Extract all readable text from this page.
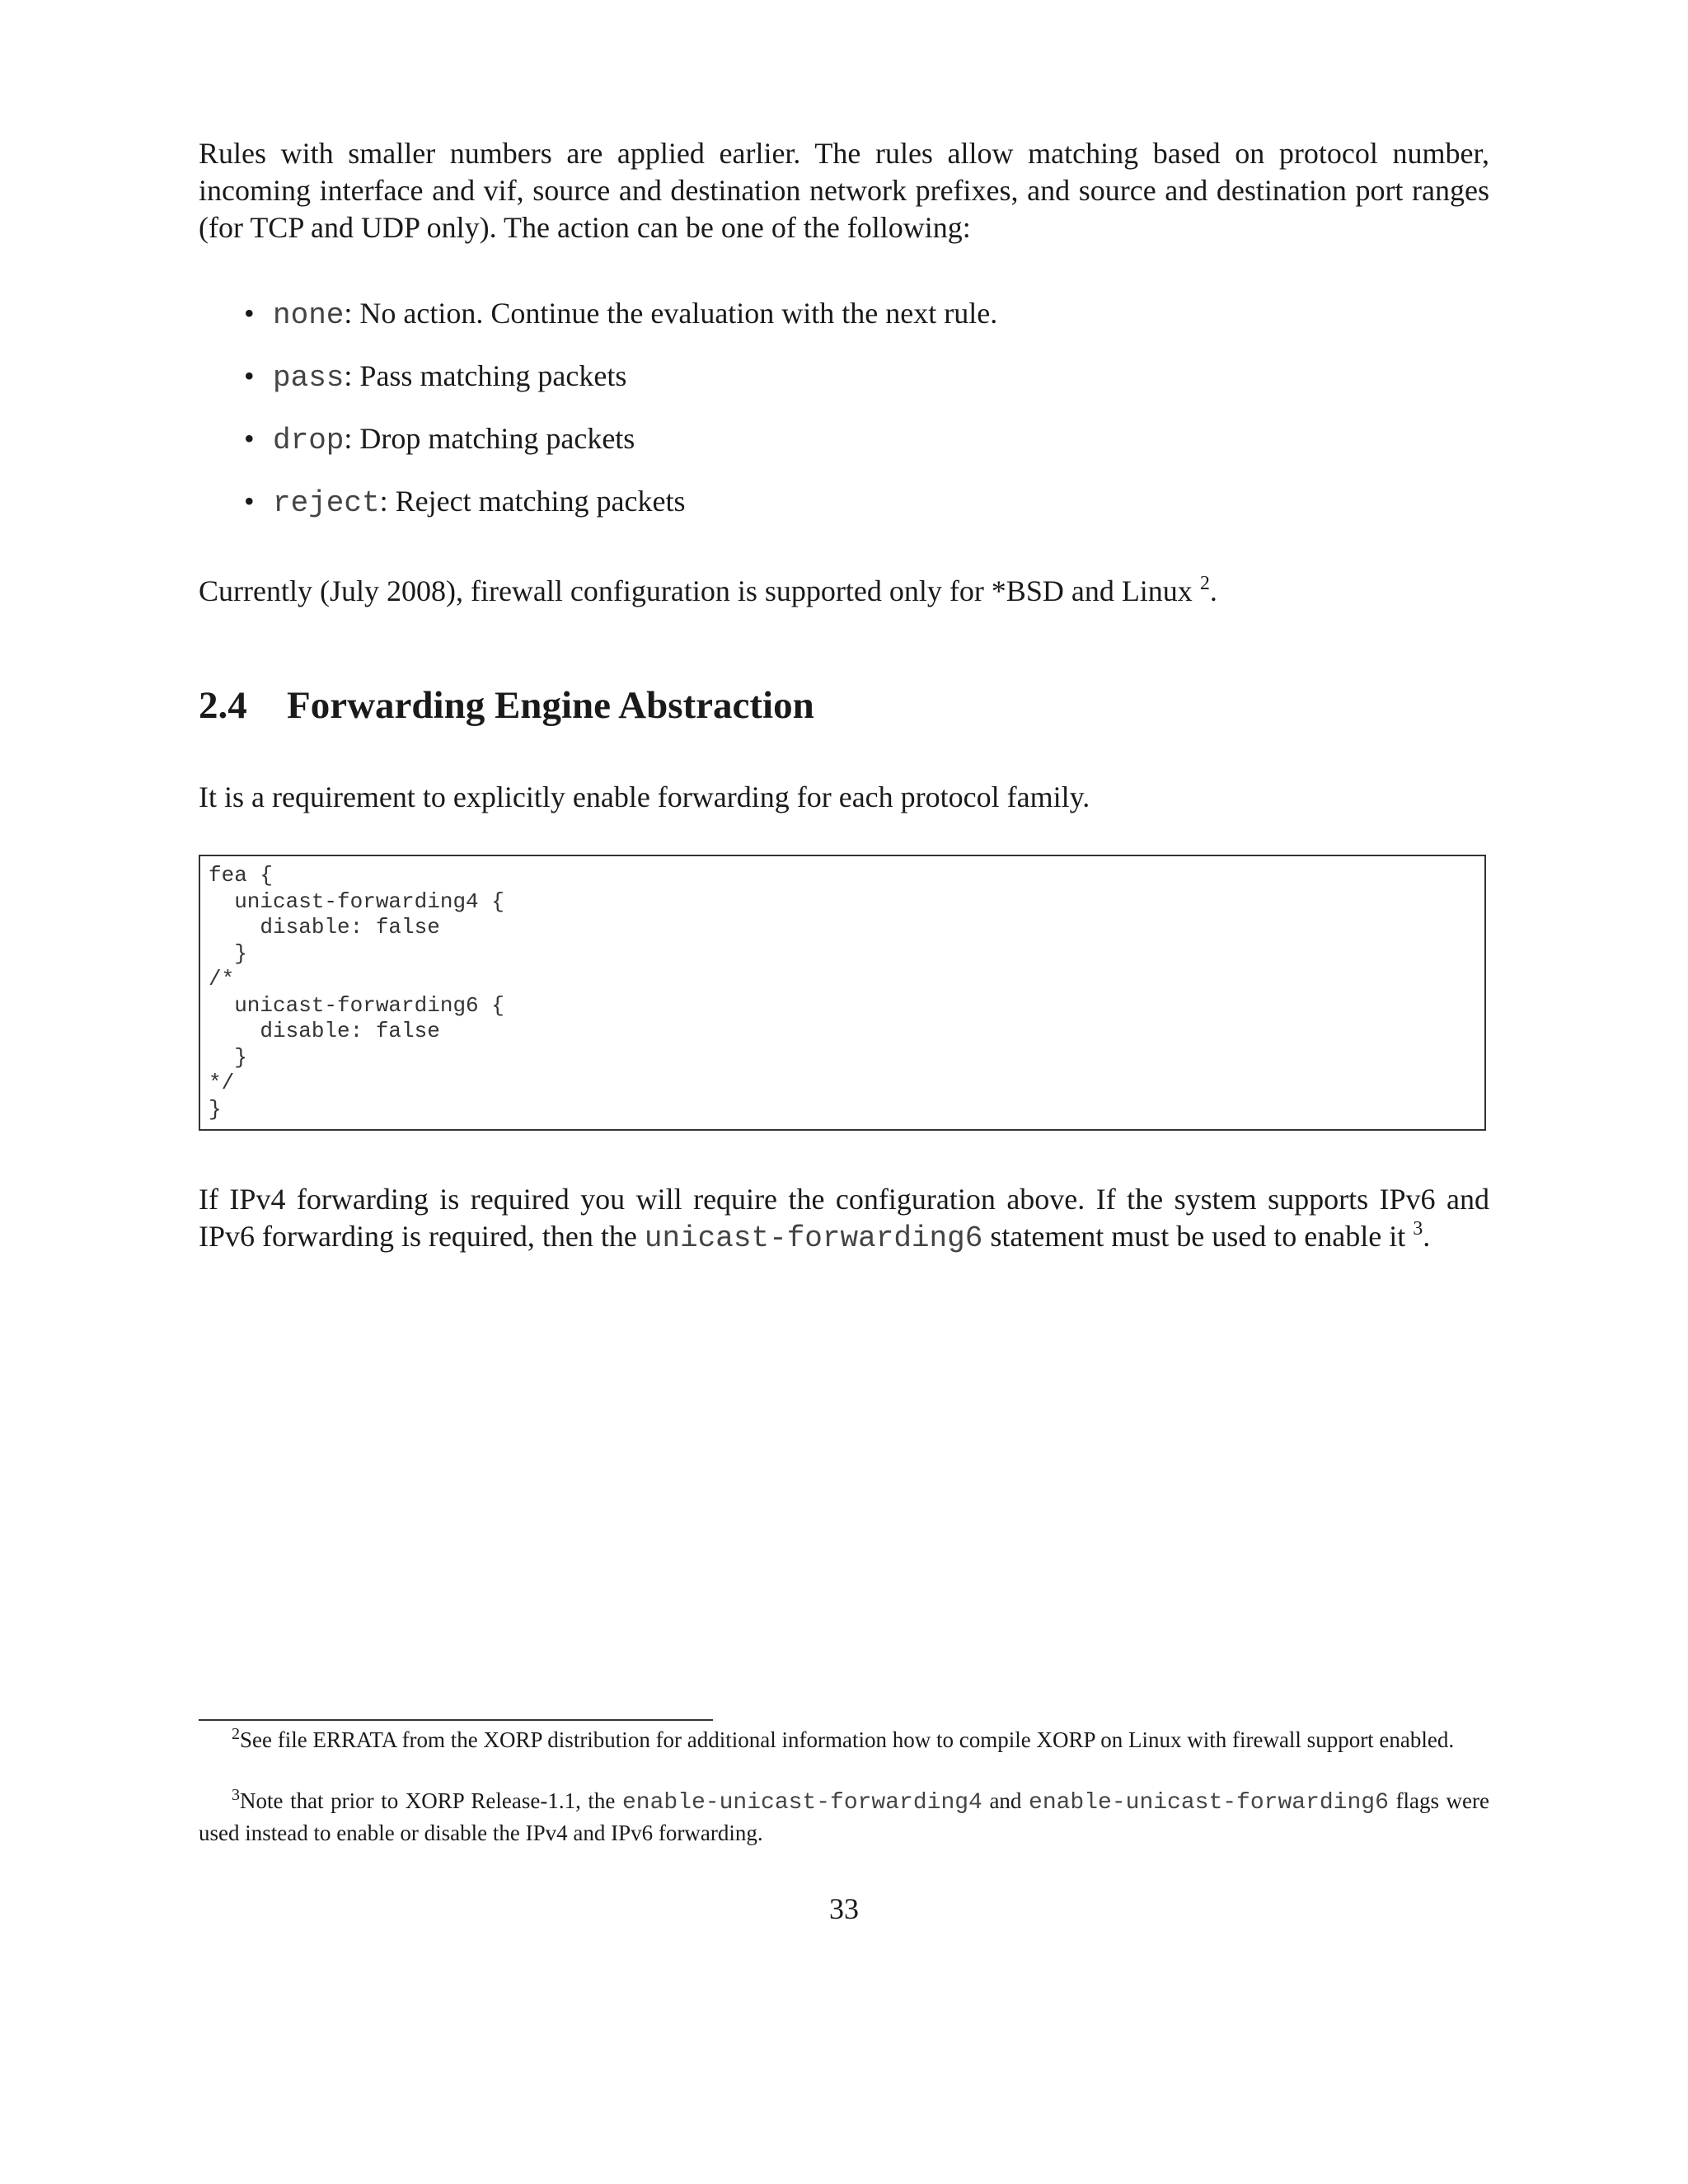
Rules with smaller numbers are applied earlier. The rules allow matching based on protocol number, incoming interface and vif, source and destination network prefixes, and source and destination port ranges (for TCP and UDP only). The action can be one of the following:

• none: No action. Continue the evaluation with the next rule.
• pass: Pass matching packets
• drop: Drop matching packets
• reject: Reject matching packets

Currently (July 2008), firewall configuration is supported only for *BSD and Linux $^2$.

2.4 Forwarding Engine Abstraction

It is a requirement to explicitly enable forwarding for each protocol family.

fea {
unicast-forwarding4 {
disable: false
}
/*
unicast-forwarding6 {
disable: false
}
*/
}

If IPv4 forwarding is required you will require the configuration above. If the system supports IPv6 and IPv6 forwarding is required, then the unicast-forwarding6 statement must be used to enable it $^3$.

$^2$See file ERRATA from the XORP distribution for additional information how to compile XORP on Linux with firewall support enabled.

$^3$Note that prior to XORP Release-1.1, the enable-unicast-forwarding4 and enable-unicast-forwarding6 flags were used instead to enable or disable the IPv4 and IPv6 forwarding.

33
